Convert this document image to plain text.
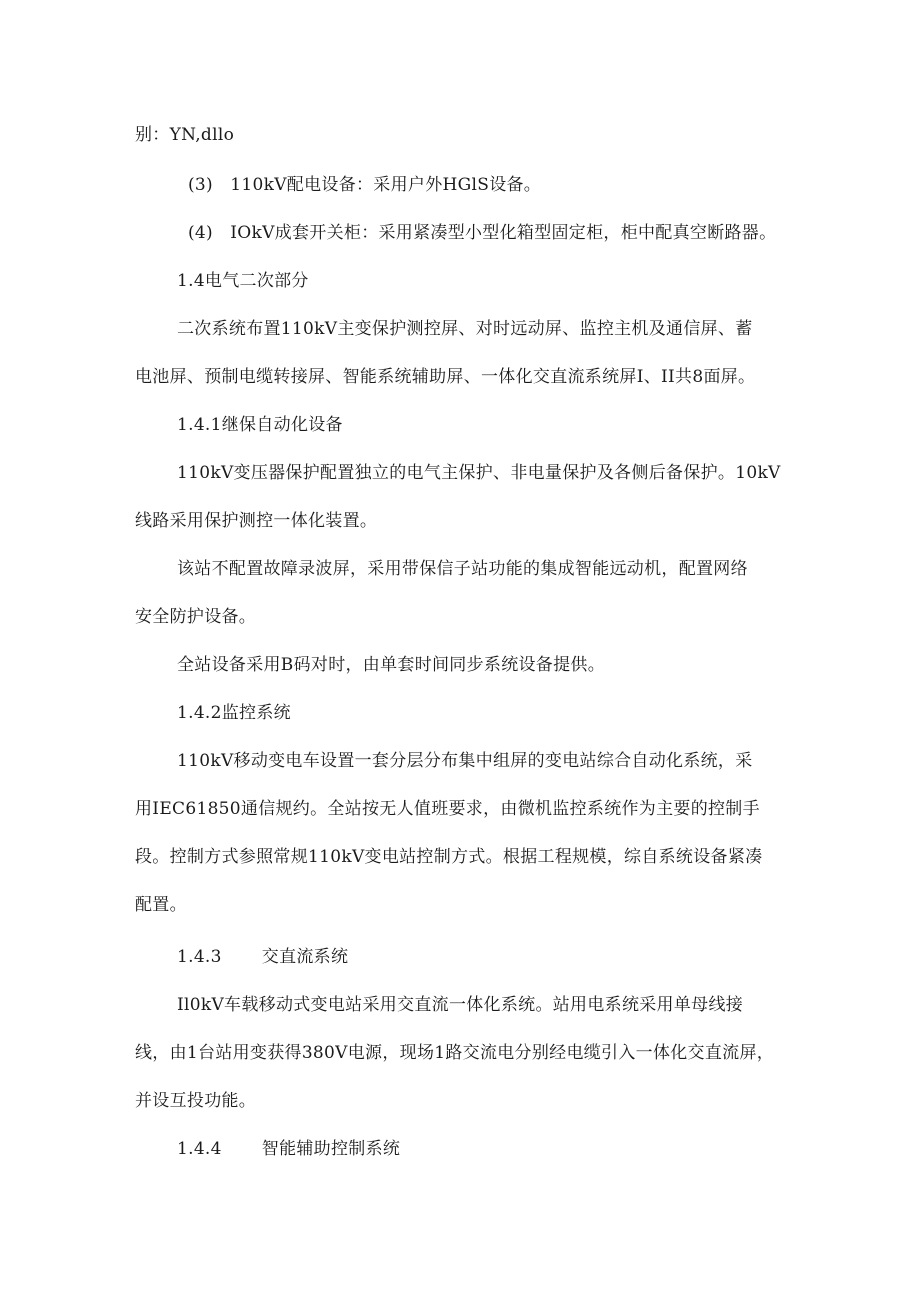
别：YN,dllo
(3)　110kV配电设备：采用户外HGlS设备。
(4)　IOkV成套开关柜：采用紧凑型小型化箱型固定柜，柜中配真空断路器。
1.4电气二次部分
二次系统布置110kV主变保护测控屏、对时远动屏、监控主机及通信屏、蓄
电池屏、预制电缆转接屏、智能系统辅助屏、一体化交直流系统屏I、II共8面屏。
1.4.1继保自动化设备
110kV变压器保护配置独立的电气主保护、非电量保护及各侧后备保护。10kV
线路采用保护测控一体化装置。
该站不配置故障录波屏，采用带保信子站功能的集成智能远动机，配置网络
安全防护设备。
全站设备采用B码对时，由单套时间同步系统设备提供。
1.4.2监控系统
110kV移动变电车设置一套分层分布集中组屏的变电站综合自动化系统，采
用IEC61850通信规约。全站按无人值班要求，由微机监控系统作为主要的控制手
段。控制方式参照常规110kV变电站控制方式。根据工程规模，综自系统设备紧凑
配置。
1.4.3 交直流系统
Il0kV车载移动式变电站采用交直流一体化系统。站用电系统采用单母线接
线，由1台站用变获得380V电源，现场1路交流电分别经电缆引入一体化交直流屏，
并设互投功能。
1.4.4 智能辅助控制系统
